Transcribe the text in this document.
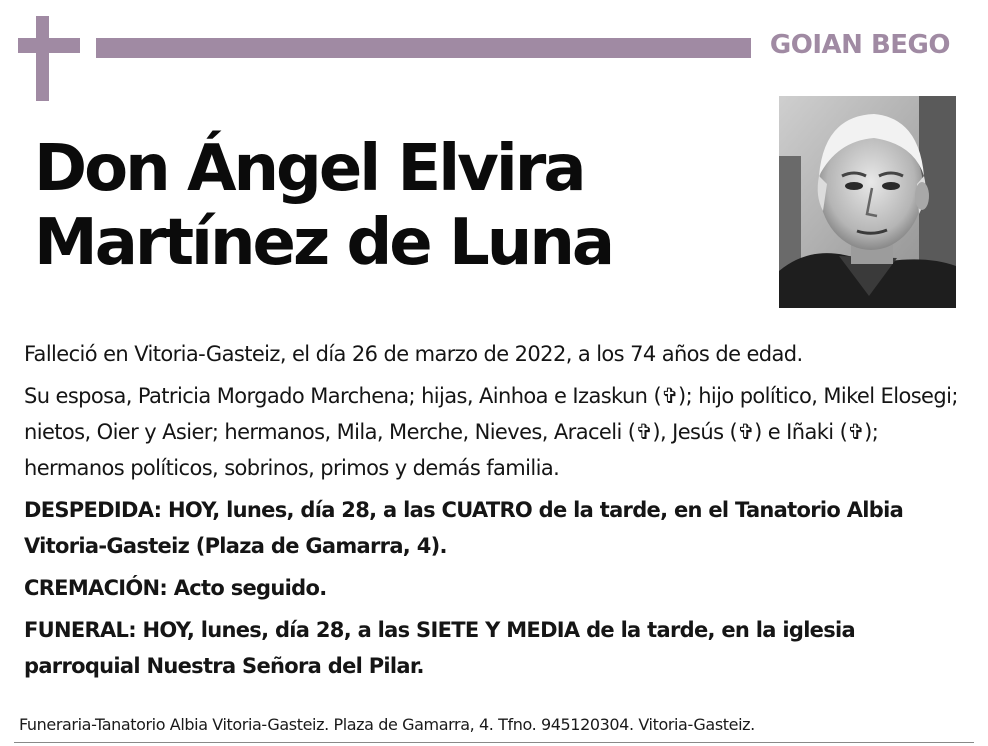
GOIAN BEGO
Don Ángel Elvira
Martínez de Luna

Falleció en Vitoria-Gasteiz, el día 26 de marzo de 2022, a los 74 años de edad.

Su esposa, Patricia Morgado Marchena; hijas, Ainhoa e Izaskun (✞); hijo político, Mikel Elosegi; nietos, Oier y Asier; hermanos, Mila, Merche, Nieves, Araceli (✞), Jesús (✞) e Iñaki (✞); hermanos políticos, sobrinos, primos y demás familia.

DESPEDIDA: HOY, lunes, día 28, a las CUATRO de la tarde, en el Tanatorio Albia Vitoria-Gasteiz (Plaza de Gamarra, 4).

CREMACIÓN: Acto seguido.

FUNERAL: HOY, lunes, día 28, a las SIETE Y MEDIA de la tarde, en la iglesia parroquial Nuestra Señora del Pilar.

Funeraria-Tanatorio Albia Vitoria-Gasteiz. Plaza de Gamarra, 4. Tfno. 945120304. Vitoria-Gasteiz.
